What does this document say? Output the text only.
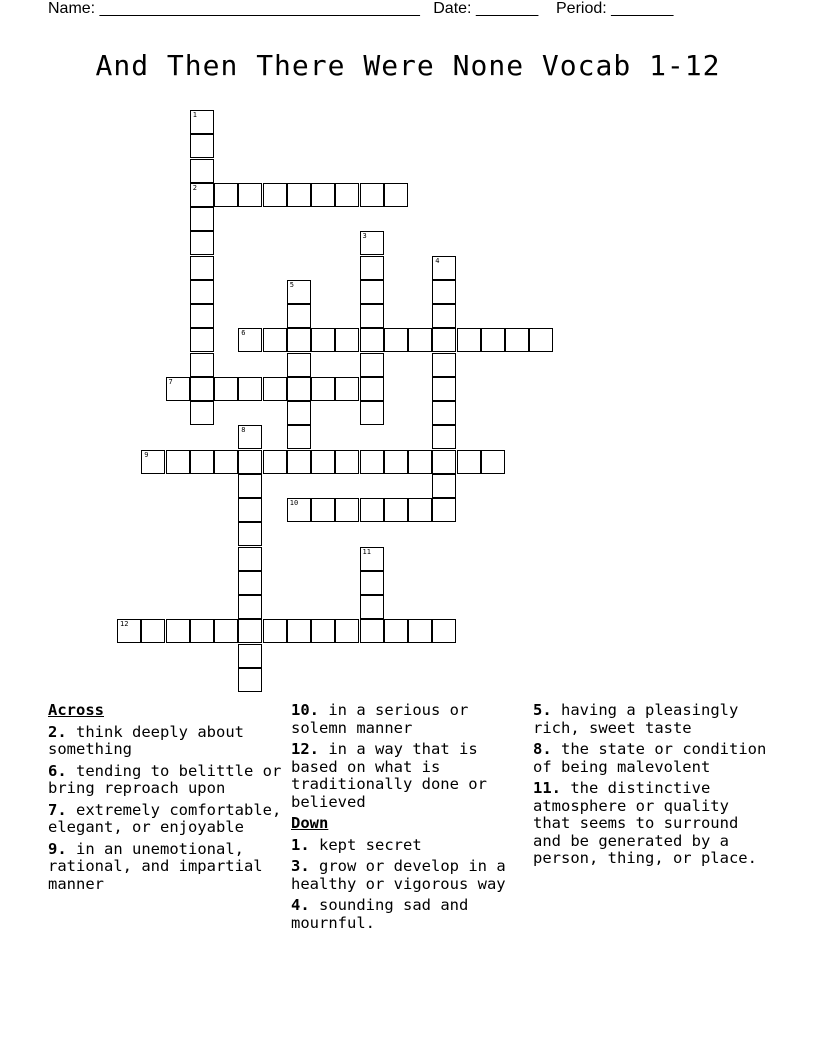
Name: ____________________________________   Date: _______    Period: _______
And Then There Were None Vocab 1-12
1
2
3
4
5
6
7
8
9
10
11
12
Across
2. think deeply about something
6. tending to belittle or bring reproach upon
7. extremely comfortable, elegant, or enjoyable
9. in an unemotional, rational, and impartial manner
10. in a serious or solemn manner
12. in a way that is based on what is traditionally done or believed
Down
1. kept secret
3. grow or develop in a healthy or vigorous way
4. sounding sad and mournful.
5. having a pleasingly rich, sweet taste
8. the state or condition of being malevolent
11. the distinctive atmosphere or quality that seems to surround and be generated by a person, thing, or place.
